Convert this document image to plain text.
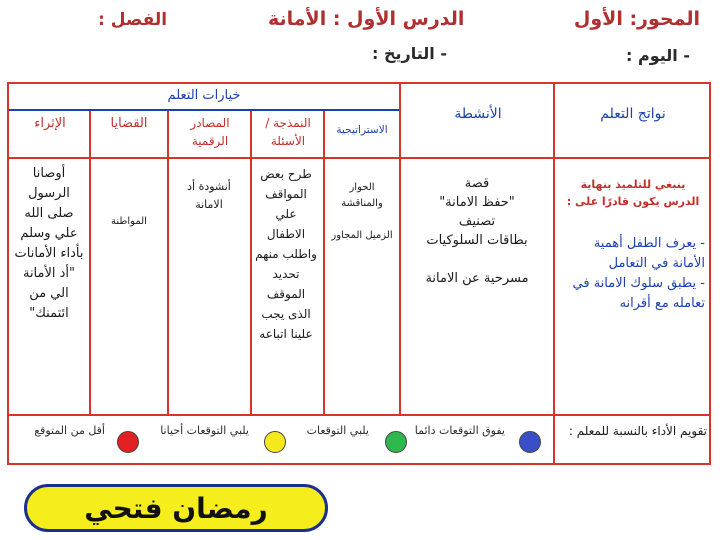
المحور: الأول
الدرس الأول : الأمانة
الفصل :
- اليوم :
- التاريخ :
نواتج التعلم
الأنشطة
خيارات التعلم
الاستراتيجية
النمذجة / الأسئلة
المصادر الرقمية
القضايا
الإثراء
ينبغي للتلميذ بنهاية الدرس يكون قادرًا على :
- يعرف الطفل أهمية الأمانة في التعامل
- يطبق سلوك الامانة في تعامله مع أقرانه
قصة
"حفظ الامانة"
تصنيف
بطاقات السلوكيات

مسرحية عن الامانة
الحوار والمناقشة

الزميل المجاور
طرح بعض المواقف علي الاطفال واطلب منهم تحديد الموقف الذى يجب علينا اتباعه
أنشودة أد الامانة
المواطنة
أوصانا الرسول صلى الله علي وسلم بأداء الأمانات "أد الأمانة الي من ائتمنك"
تقويم الأداء بالنسبة للمعلم :
يفوق التوقعات دائما
يلبي التوقعات
يلبي التوقعات أحيانا
أقل من المتوقع
رمضان فتحي
